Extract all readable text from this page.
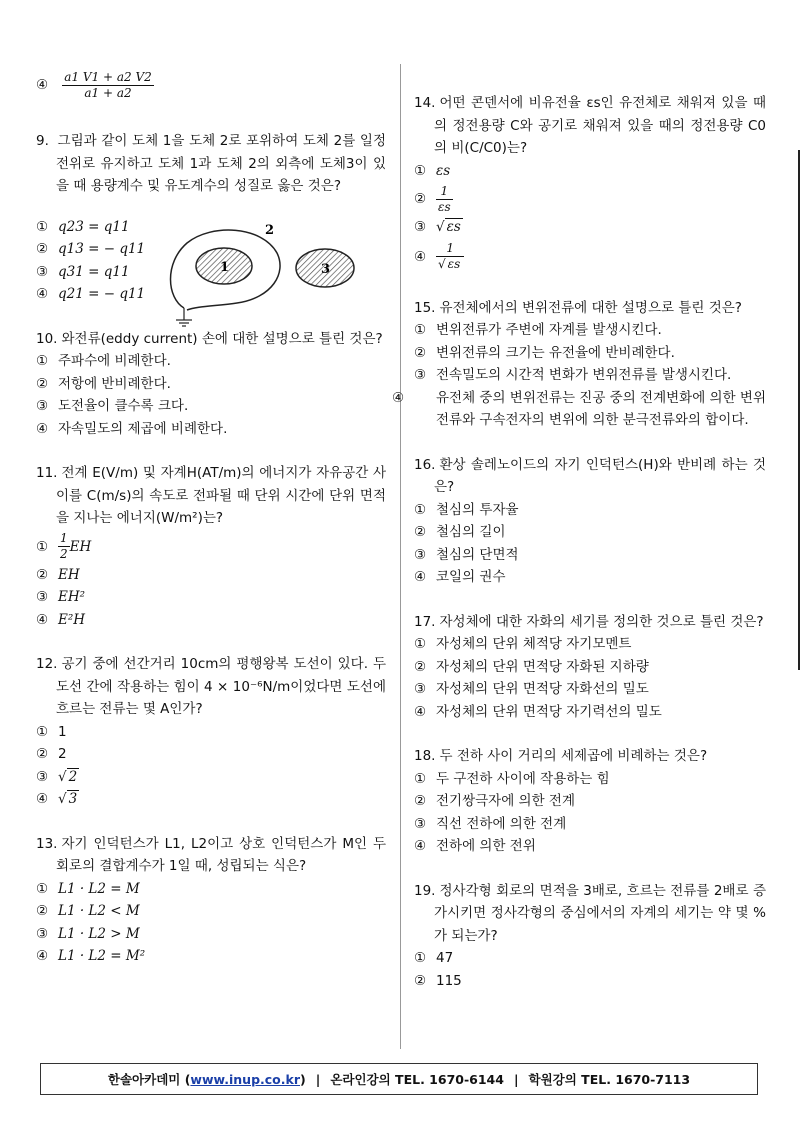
④ $\frac{a1 V1 + a2 V2}{a1 + a2}$
9. 그림과 같이 도체 1을 도체 2로 포위하여 도체 2를 일정 전위로 유지하고 도체 1과 도체 2의 외측에 도체3이 있을 때 용량계수 및 유도계수의 성질로 옳은 것은?
① q23 = q11
② q13 = − q11
③ q31 = q11
④ q21 = − q11
10. 와전류(eddy current) 손에 대한 설명으로 틀린 것은?
① 주파수에 비례한다.
② 저항에 반비례한다.
③ 도전율이 클수록 크다.
④ 자속밀도의 제곱에 비례한다.
11. 전계 E(V/m) 및 자계H(AT/m)의 에너지가 자유공간 사이를 C(m/s)의 속도로 전파될 때 단위 시간에 단위 면적을 지나는 에너지(W/m²)는?
① $\frac{1}{2}$ EH
② EH
③ EH²
④ E²H
12. 공기 중에 선간거리 10cm의 평행왕복 도선이 있다. 두 도선 간에 작용하는 힘이 4 × 10⁻⁶N/m이었다면 도선에 흐르는 전류는 몇 A인가?
① 1
② 2
③ √ 2
④ √ 3
13. 자기 인덕턴스가 L1, L2이고 상호 인덕턴스가 M인 두 회로의 결합계수가 1일 때, 성립되는 식은?
① L1 · L2 = M
② L1 · L2 < M
③ L1 · L2 > M
④ L1 · L2 = M²
1
2
3
14. 어떤 콘덴서에 비유전율 εs인 유전체로 채워져 있을 때의 정전용량 C와 공기로 채워져 있을 때의 정전용량 C0의 비(C/C0)는?
① εs
② $\frac{1}{\varepsilon s}$
③ √ εs
④ $\frac{1}{√ \varepsilon s}$
15. 유전체에서의 변위전류에 대한 설명으로 틀린 것은?
① 변위전류가 주변에 자계를 발생시킨다.
② 변위전류의 크기는 유전율에 반비례한다.
③ 전속밀도의 시간적 변화가 변위전류를 발생시킨다.
④ 유전체 중의 변위전류는 진공 중의 전계변화에 의한 변위전류와 구속전자의 변위에 의한 분극전류와의 합이다.
16. 환상 솔레노이드의 자기 인덕턴스(H)와 반비례 하는 것은?
① 철심의 투자율
② 철심의 길이
③ 철심의 단면적
④ 코일의 권수
17. 자성체에 대한 자화의 세기를 정의한 것으로 틀린 것은?
① 자성체의 단위 체적당 자기모멘트
② 자성체의 단위 면적당 자화된 지하량
③ 자성체의 단위 면적당 자화선의 밀도
④ 자성체의 단위 면적당 자기력선의 밀도
18. 두 전하 사이 거리의 세제곱에 비례하는 것은?
① 두 구전하 사이에 작용하는 힘
② 전기쌍극자에 의한 전계
③ 직선 전하에 의한 전계
④ 전하에 의한 전위
19. 정사각형 회로의 면적을 3배로, 흐르는 전류를 2배로 증가시키면 정사각형의 중심에서의 자계의 세기는 약 몇 %가 되는가?
① 47
② 115
한솔아카데미 ( www.inup.co.kr ) | 온라인강의 TEL. 1670-6144 | 학원강의 TEL. 1670-7113
